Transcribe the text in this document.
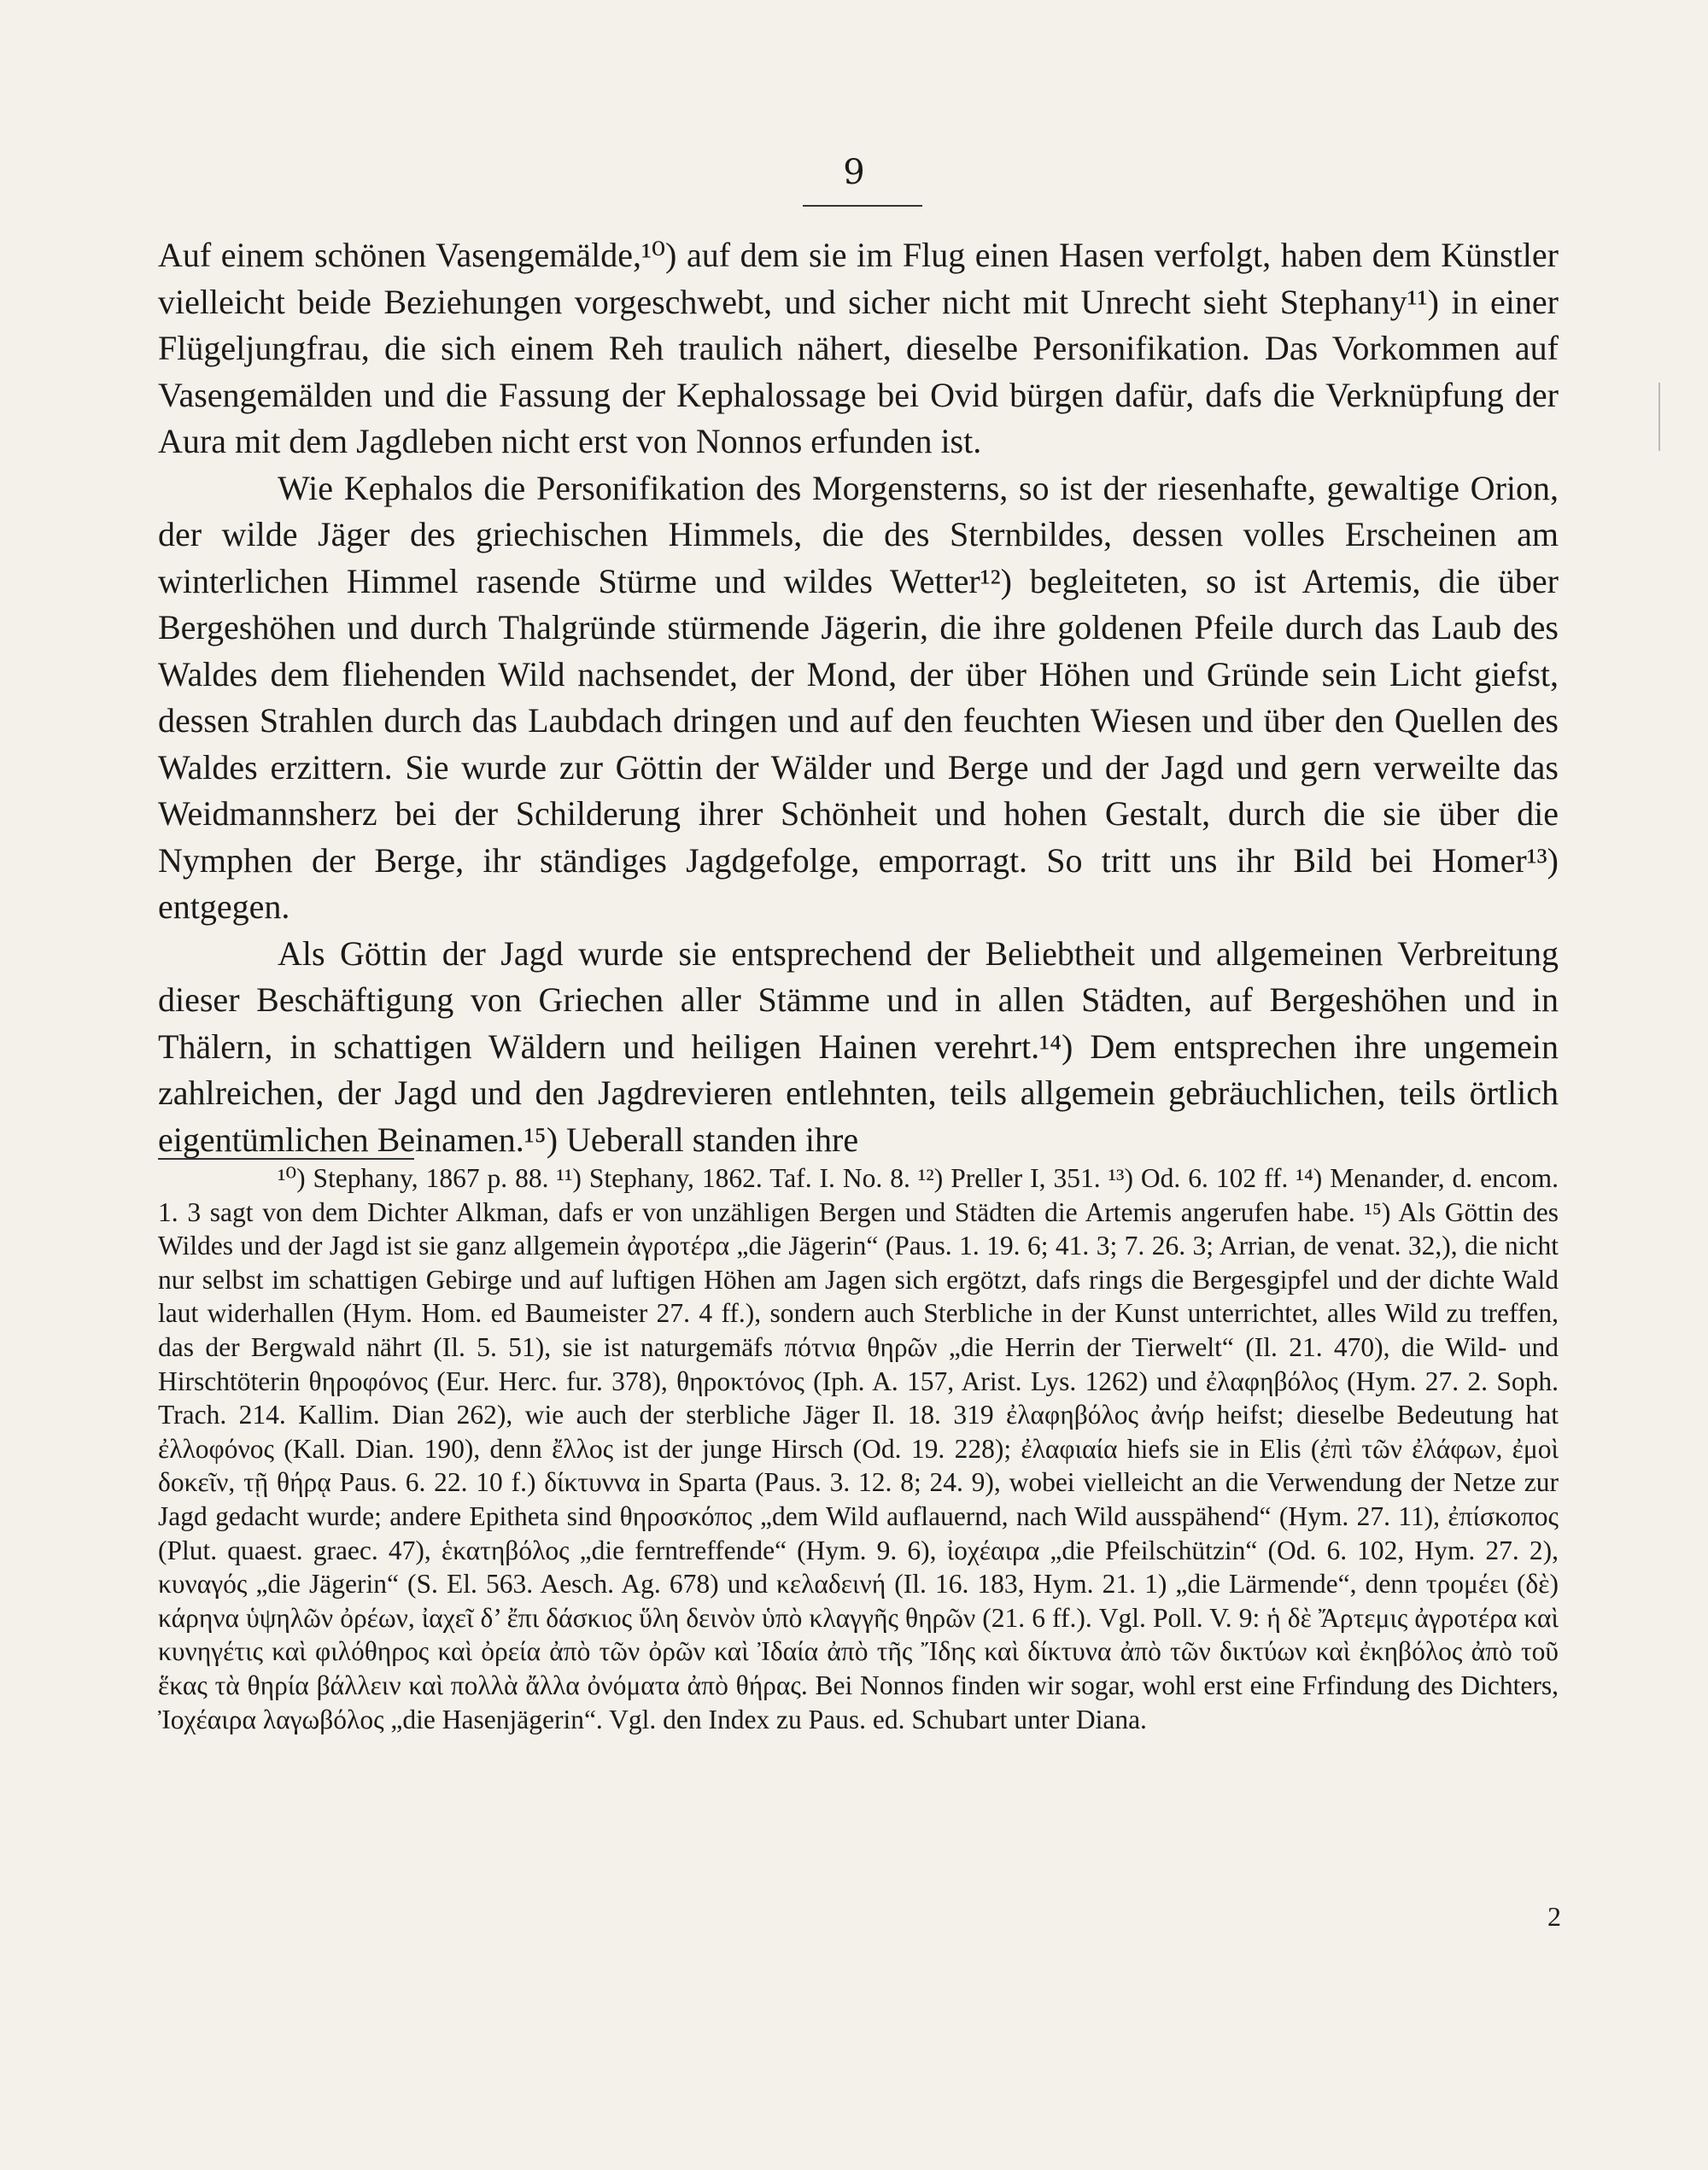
9

Auf einem schönen Vasengemälde,¹⁰) auf dem sie im Flug einen Hasen verfolgt, haben dem Künstler vielleicht beide Beziehungen vorgeschwebt, und sicher nicht mit Unrecht sieht Stephany¹¹) in einer Flügeljungfrau, die sich einem Reh traulich nähert, dieselbe Personifikation. Das Vorkommen auf Vasengemälden und die Fassung der Kephalossage bei Ovid bürgen dafür, dafs die Verknüpfung der Aura mit dem Jagdleben nicht erst von Nonnos erfunden ist.

Wie Kephalos die Personifikation des Morgensterns, so ist der riesenhafte, gewaltige Orion, der wilde Jäger des griechischen Himmels, die des Sternbildes, dessen volles Erscheinen am winterlichen Himmel rasende Stürme und wildes Wetter¹²) begleiteten, so ist Artemis, die über Bergeshöhen und durch Thalgründe stürmende Jägerin, die ihre goldenen Pfeile durch das Laub des Waldes dem fliehenden Wild nachsendet, der Mond, der über Höhen und Gründe sein Licht giefst, dessen Strahlen durch das Laubdach dringen und auf den feuchten Wiesen und über den Quellen des Waldes erzittern. Sie wurde zur Göttin der Wälder und Berge und der Jagd und gern verweilte das Weidmannsherz bei der Schilderung ihrer Schönheit und hohen Gestalt, durch die sie über die Nymphen der Berge, ihr ständiges Jagdgefolge, emporragt. So tritt uns ihr Bild bei Homer¹³) entgegen.

Als Göttin der Jagd wurde sie entsprechend der Beliebtheit und allgemeinen Verbreitung dieser Beschäftigung von Griechen aller Stämme und in allen Städten, auf Bergeshöhen und in Thälern, in schattigen Wäldern und heiligen Hainen verehrt.¹⁴) Dem entsprechen ihre ungemein zahlreichen, der Jagd und den Jagdrevieren entlehnten, teils allgemein gebräuchlichen, teils örtlich eigentümlichen Beinamen.¹⁵) Ueberall standen ihre

¹⁰) Stephany, 1867 p. 88. ¹¹) Stephany, 1862. Taf. I. No. 8. ¹²) Preller I, 351. ¹³) Od. 6. 102 ff. ¹⁴) Menander, d. encom. 1. 3 sagt von dem Dichter Alkman, dafs er von unzähligen Bergen und Städten die Artemis angerufen habe. ¹⁵) Als Göttin des Wildes und der Jagd ist sie ganz allgemein ἀγροτέρα „die Jägerin“ (Paus. 1. 19. 6; 41. 3; 7. 26. 3; Arrian, de venat. 32,), die nicht nur selbst im schattigen Gebirge und auf luftigen Höhen am Jagen sich ergötzt, dafs rings die Bergesgipfel und der dichte Wald laut widerhallen (Hym. Hom. ed Baumeister 27. 4 ff.), sondern auch Sterbliche in der Kunst unterrichtet, alles Wild zu treffen, das der Bergwald nährt (Il. 5. 51), sie ist naturgemäfs πότνια θηρῶν „die Herrin der Tierwelt“ (Il. 21. 470), die Wild- und Hirschtöterin θηροφόνος (Eur. Herc. fur. 378), θηροκτόνος (Iph. A. 157, Arist. Lys. 1262) und ἐλαφηβόλος (Hym. 27. 2. Soph. Trach. 214. Kallim. Dian 262), wie auch der sterbliche Jäger Il. 18. 319 ἐλαφηβόλος ἀνήρ heifst; dieselbe Bedeutung hat ἐλλοφόνος (Kall. Dian. 190), denn ἔλλος ist der junge Hirsch (Od. 19. 228); ἐλαφιαία hiefs sie in Elis (ἐπὶ τῶν ἐλάφων, ἐμοὶ δοκεῖν, τῇ θήρᾳ Paus. 6. 22. 10 f.) δίκτυννα in Sparta (Paus. 3. 12. 8; 24. 9), wobei vielleicht an die Verwendung der Netze zur Jagd gedacht wurde; andere Epitheta sind θηροσκόπος „dem Wild auflauernd, nach Wild ausspähend“ (Hym. 27. 11), ἐπίσκοπος (Plut. quaest. graec. 47), ἑκατηβόλος „die ferntreffende“ (Hym. 9. 6), ἰοχέαιρα „die Pfeilschützin“ (Od. 6. 102, Hym. 27. 2), κυναγός „die Jägerin“ (S. El. 563. Aesch. Ag. 678) und κελαδεινή (Il. 16. 183, Hym. 21. 1) „die Lärmende“, denn τρομέει (δὲ) κάρηνα ὑψηλῶν ὀρέων, ἰαχεῖ δ’ ἔπι δάσκιος ὕλη δεινὸν ὑπὸ κλαγγῆς θηρῶν (21. 6 ff.). Vgl. Poll. V. 9: ἡ δὲ Ἄρτεμις ἀγροτέρα καὶ κυνηγέτις καὶ φιλόθηρος καὶ ὀρεία ἀπὸ τῶν ὀρῶν καὶ Ἰδαία ἀπὸ τῆς Ἴδης καὶ δίκτυνα ἀπὸ τῶν δικτύων καὶ ἐκηβόλος ἀπὸ τοῦ ἕκας τὰ θηρία βάλλειν καὶ πολλὰ ἄλλα ὀνόματα ἀπὸ θήρας. Bei Nonnos finden wir sogar, wohl erst eine Frfindung des Dichters, Ἰοχέαιρα λαγωβόλος „die Hasenjägerin“. Vgl. den Index zu Paus. ed. Schubart unter Diana.

2
